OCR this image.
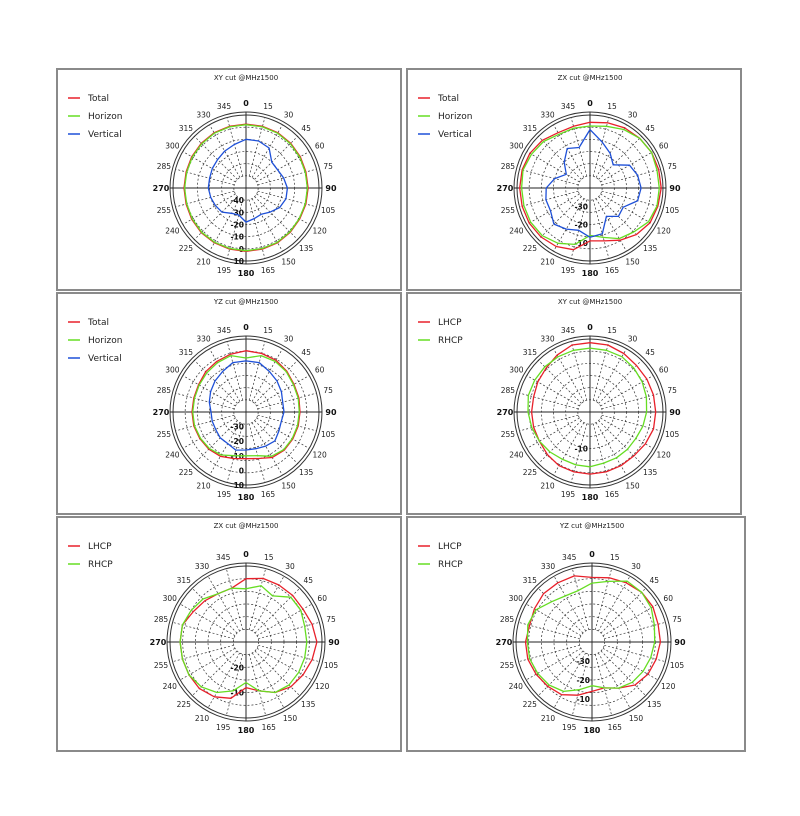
XY cut @MHz1500
0 15
30
45
60
75
90
105
120
135
150
165
180
195
210
225
240
255
270
285
300
315
330
345
-40
-30
-20
-10
0
10
Total
Horizon
Vertical
ZX cut @MHz1500
0 15
30
45
60
75
90
105
120
135
150
165
180
195
210
225
240
255
270
285
300
315
330
345
-30
-20
-10
Total
Horizon
Vertical
YZ cut @MHz1500
0 15
30
45
60
75
90
105
120
135
150
165
180
195
210
225
240
255
270
285
300
315
330
345
-30
-20
-10
0
10
Total
Horizon
Vertical
XY cut @MHz1500
0 15
30
45
60
75
90
105
120
135
150
165
180
195
210
225
240
255
270
285
300
315
330
345
-10
LHCP
RHCP
ZX cut @MHz1500
0 15
30
45
60
75
90
105
120
135
150
165
180
195
210
225
240
255
270
285
300
315
330
345
-20
-10
LHCP
RHCP
YZ cut @MHz1500
0 15
30
45
60
75
90
105
120
135
150
165
180
195
210
225
240
255
270
285
300
315
330
345
-30
-20
-10
LHCP
RHCP
